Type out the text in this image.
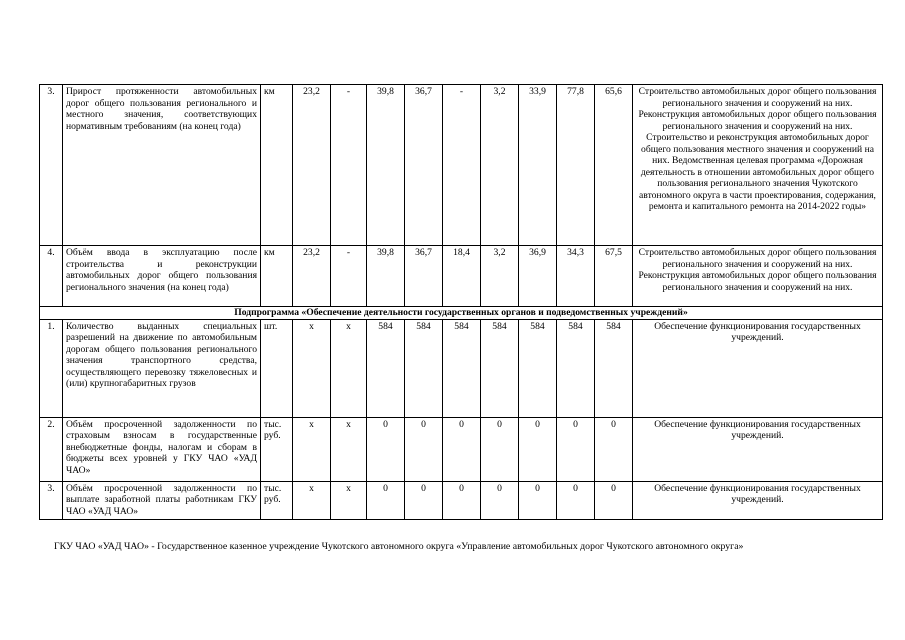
3.	Прирост протяженности автомобильных дорог общего пользования регионального и местного значения, соответствующих нормативным требованиям (на конец года)	км	23,2	-	39,8	36,7	-	3,2	33,9	77,8	65,6	Строительство автомобильных дорог общего пользования регионального значения и сооружений на них. Реконструкция автомобильных дорог общего пользования регионального значения и сооружений на них. Строительство и реконструкция автомобильных дорог общего пользования местного значения и сооружений на них. Ведомственная целевая программа «Дорожная деятельность в отношении автомобильных дорог общего пользования регионального значения Чукотского автономного округа в части проектирования, содержания, ремонта и капитального ремонта на 2014-2022 годы»
4.	Объём ввода в эксплуатацию после строительства и реконструкции автомобильных дорог общего пользования регионального значения (на конец года)	км	23,2	-	39,8	36,7	18,4	3,2	36,9	34,3	67,5	Строительство автомобильных дорог общего пользования регионального значения и сооружений на них. Реконструкция автомобильных дорог общего пользования регионального значения и сооружений на них.
Подпрограмма «Обеспечение деятельности государственных органов и подведомственных учреждений»												
1.	Количество выданных специальных разрешений на движение по автомобильным дорогам общего пользования регионального значения транспортного средства, осуществляющего перевозку тяжеловесных и (или) крупногабаритных грузов	шт.	х	х	584	584	584	584	584	584	584	Обеспечение функционирования государственных учреждений.
2.	Объём просроченной задолженности по страховым взносам в государственные внебюджетные фонды, налогам и сборам в бюджеты всех уровней у ГКУ ЧАО «УАД ЧАО»	тыс. руб.	х	х	0	0	0	0	0	0	0	Обеспечение функционирования государственных учреждений.
3.	Объём просроченной задолженности по выплате заработной платы работникам ГКУ ЧАО «УАД ЧАО»	тыс. руб.	х	х	0	0	0	0	0	0	0	Обеспечение функционирования государственных учреждений.
ГКУ ЧАО «УАД ЧАО» - Государственное казенное учреждение Чукотского автономного округа «Управление автомобильных дорог Чукотского автономного округа»
